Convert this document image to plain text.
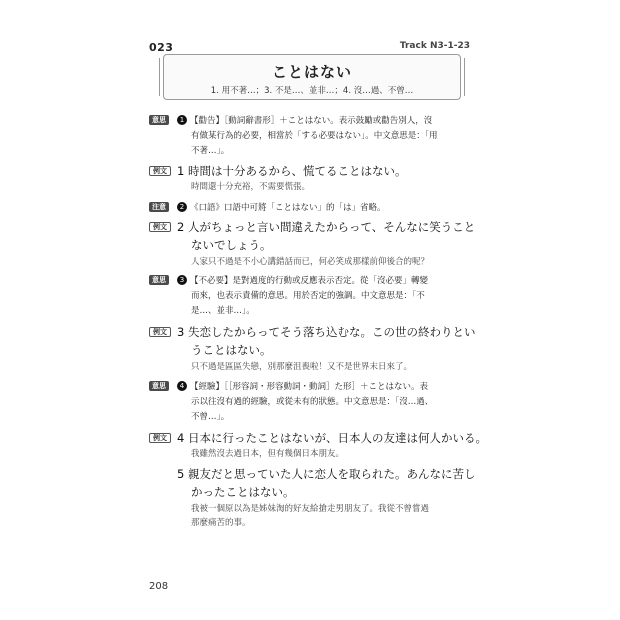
023	Track N3-1-23
ことはない
1. 用不著…；3. 不是…、並非…；4. 沒…過、不曾…
意思	1 【勸告】［動詞辭書形］＋ことはない。表示鼓勵或勸告別人，沒
有做某行為的必要，相當於「する必要はない」。中文意思是：「用
不著…」。
例文 1 時間は十分あるから、慌てることはない。
時間還十分充裕，不需要慌張。
注意	2 《口語》口語中可將「ことはない」的「は」省略。
例文 2 人がちょっと言い間違えたからって、そんなに笑うこと
ないでしょう。
人家只不過是不小心講錯話而已，何必笑成那樣前仰後合的呢？
意思	3 【不必要】是對過度的行動或反應表示否定。從「沒必要」轉變
而來，也表示責備的意思。用於否定的強調。中文意思是：「不
是…、並非…」。
例文 3 失恋したからってそう落ち込むな。この世の終わりとい
うことはない。
只不過是區區失戀，別那麼沮喪啦！又不是世界末日來了。
意思	4 【經驗】［［形容詞・形容動詞・動詞］た形］＋ことはない。表
示以往沒有過的經驗，或從未有的狀態。中文意思是：「沒…過、
不曾…」。
例文 4 日本に行ったことはないが、日本人の友達は何人かいる。
我雖然沒去過日本，但有幾個日本朋友。
5 親友だと思っていた人に恋人を取られた。あんなに苦し
かったことはない。
我被一個原以為是姊妹淘的好友給搶走男朋友了。我從不曾嘗過
那麼痛苦的事。
208
